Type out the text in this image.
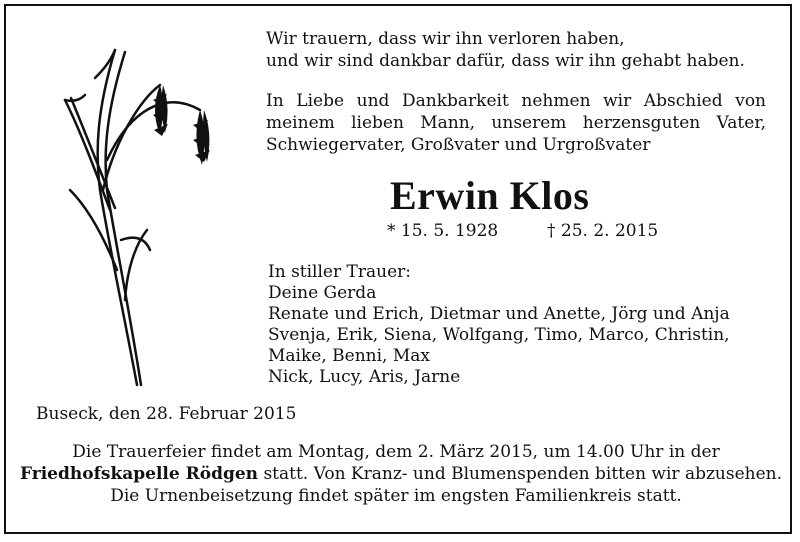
Wir trauern, dass wir ihn verloren haben,

und wir sind dankbar dafür, dass wir ihn gehabt haben.

In Liebe und Dankbarkeit nehmen wir Abschied von

meinem lieben Mann, unserem herzensguten Vater,

Schwiegervater, Großvater und Urgroßvater

Erwin Klos
* 15. 5. 1928	† 25. 2. 2015
In stiller Trauer:
Deine Gerda
Renate und Erich, Dietmar und Anette, Jörg und Anja
Svenja, Erik, Siena, Wolfgang, Timo, Marco, Christin,
Maike, Benni, Max
Nick, Lucy, Aris, Jarne
Buseck, den 28. Februar 2015
Die Trauerfeier findet am Montag, dem 2. März 2015, um 14.00 Uhr in der
Friedhofskapelle Rödgen statt. Von Kranz- und Blumenspenden bitten wir abzusehen.
Die Urnenbeisetzung findet später im engsten Familienkreis statt.
